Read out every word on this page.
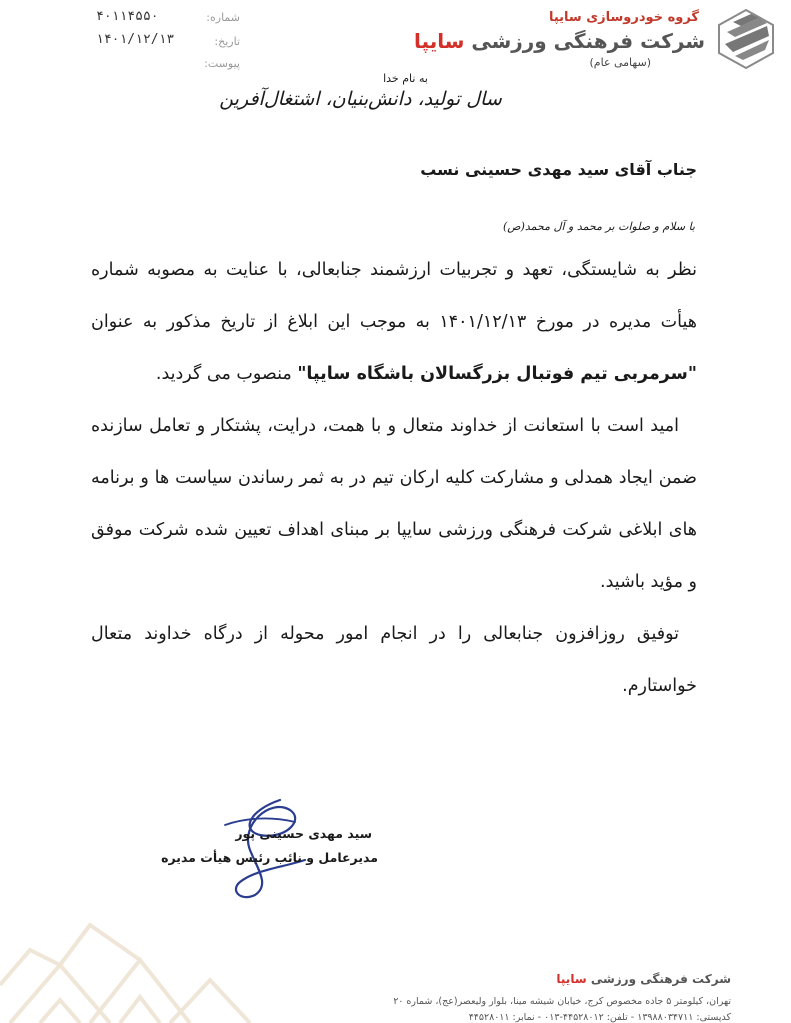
گروه خودروسازی سایپا
شرکت فرهنگی ورزشی سایپا
(سهامی عام)
شماره:
۴۰۱۱۴۵۵۰
تاریخ:
۱۴۰۱/۱۲/۱۳
پیوست:
به نام خدا
سال تولید، دانش‌بنیان، اشتغال‌آفرین
جناب آقای سید مهدی حسینی نسب
با سلام و صلوات بر محمد و آل محمد(ص)

نظر به شایستگی، تعهد و تجربیات ارزشمند جنابعالی، با عنایت به مصوبه شماره هیأت مدیره در مورخ ۱۴۰۱/۱۲/۱۳ به موجب این ابلاغ از تاریخ مذکور به عنوان "سرمربی تیم فوتبال بزرگسالان باشگاه سایپا" منصوب می گردید.

امید است با استعانت از خداوند متعال و با همت، درایت، پشتکار و تعامل سازنده ضمن ایجاد همدلی و مشارکت کلیه ارکان تیم در به ثمر رساندن سیاست ها و برنامه های ابلاغی شرکت فرهنگی ورزشی سایپا بر مبنای اهداف تعیین شده شرکت موفق و مؤید باشید.

توفیق روزافزون جنابعالی را در انجام امور محوله از درگاه خداوند متعال خواستارم.

سید مهدی حسینی پور
مدیرعامل و نائب رئیس هیأت مدیره
شرکت فرهنگی ورزشی سایپا
تهران، کیلومتر ۵ جاده مخصوص کرج، خیابان شیشه مینا، بلوار ولیعصر(عج)، شماره ۲۰
کدپستی: ۱۳۹۸۸۰۳۴۷۱۱ - تلفن: ۴۴۵۲۸۰۱۲-۰۱۳ - نمابر: ۴۴۵۲۸۰۱۱
